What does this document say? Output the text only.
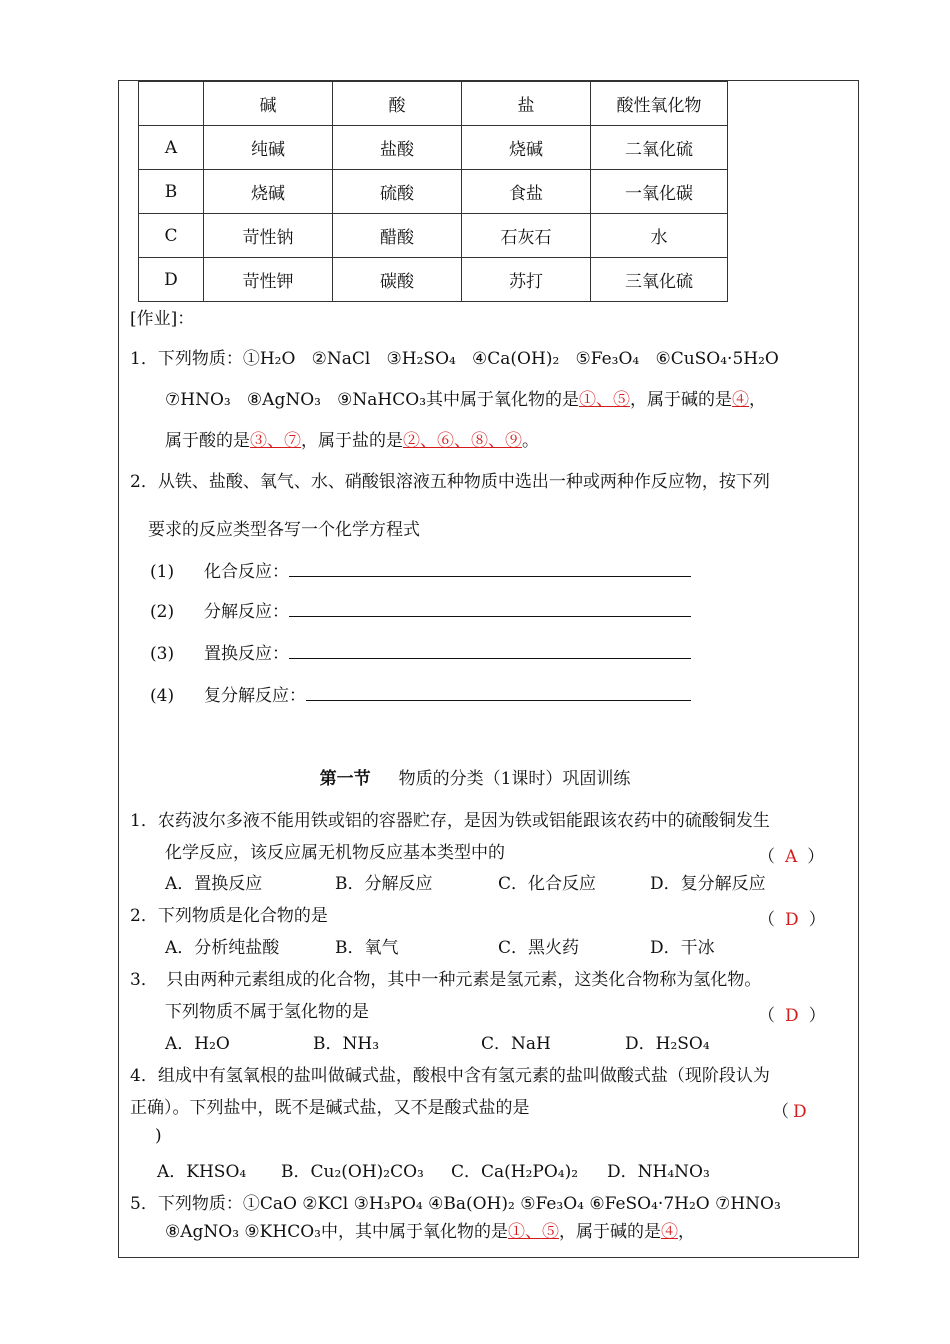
	碱	酸	盐	酸性氧化物
A	纯碱	盐酸	烧碱	二氧化硫
B	烧碱	硫酸	食盐	一氧化碳
C	苛性钠	醋酸	石灰石	水
D	苛性钾	碳酸	苏打	三氧化硫
[作业]：
1．下列物质：①H₂O ②NaCl ③H₂SO₄ ④Ca(OH)₂ ⑤Fe₃O₄ ⑥CuSO₄·5H₂O
⑦HNO₃ ⑧AgNO₃ ⑨NaHCO₃其中属于氧化物的是①、⑤，属于碱的是④，
属于酸的是③、⑦，属于盐的是②、⑥、⑧、⑨。
2．从铁、盐酸、氧气、水、硝酸银溶液五种物质中选出一种或两种作反应物，按下列
要求的反应类型各写一个化学方程式
(1) 化合反应：
(2) 分解反应：
(3) 置换反应：
(4) 复分解反应：
第一节 物质的分类（1课时）巩固训练
1．农药波尔多液不能用铁或铝的容器贮存，是因为铁或铝能跟该农药中的硫酸铜发生
化学反应，该反应属无机物反应基本类型中的	（ A ）
A．置换反应	B．分解反应	C．化合反应	D．复分解反应
2．下列物质是化合物的是	（ D ）
A．分析纯盐酸	B．氧气	C．黑火药	D．干冰
3．　只由两种元素组成的化合物，其中一种元素是氢元素，这类化合物称为氢化物。
下列物质不属于氢化物的是	（ D ）
A．H₂O	B．NH₃	C．NaH	D．H₂SO₄
4．组成中有氢氧根的盐叫做碱式盐，酸根中含有氢元素的盐叫做酸式盐（现阶段认为
正确）。下列盐中，既不是碱式盐，又不是酸式盐的是	（ D
)
A．KHSO₄ B．Cu₂(OH)₂CO₃ C．Ca(H₂PO₄)₂ D．NH₄NO₃
5．下列物质：①CaO ②KCl ③H₃PO₄ ④Ba(OH)₂ ⑤Fe₃O₄ ⑥FeSO₄·7H₂O ⑦HNO₃
⑧AgNO₃ ⑨KHCO₃中，其中属于氧化物的是①、⑤，属于碱的是④，
